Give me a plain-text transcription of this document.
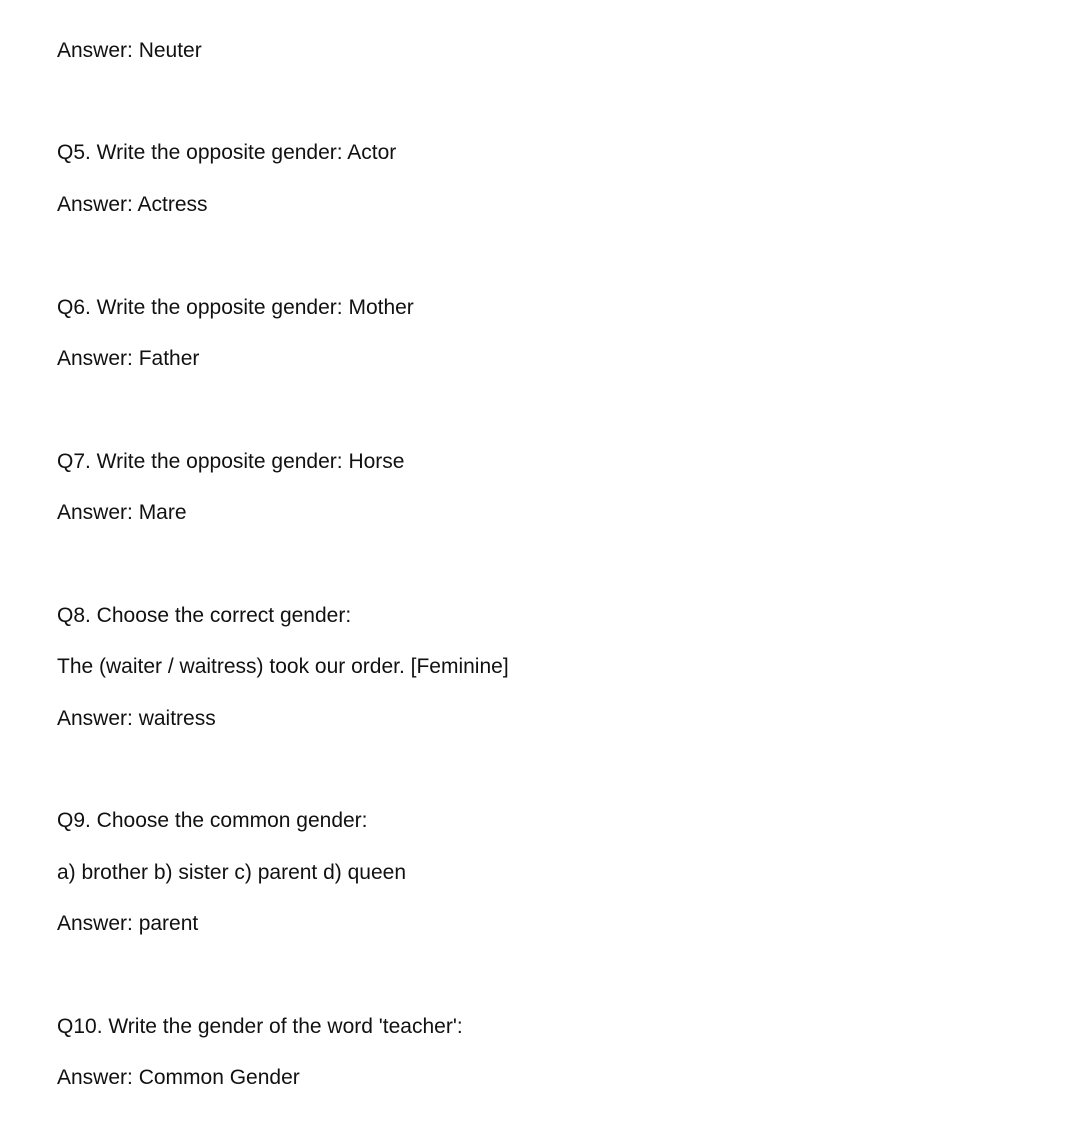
Answer: Neuter
Q5. Write the opposite gender: Actor
Answer: Actress
Q6. Write the opposite gender: Mother
Answer: Father
Q7. Write the opposite gender: Horse
Answer: Mare
Q8. Choose the correct gender:
The (waiter / waitress) took our order. [Feminine]
Answer: waitress
Q9. Choose the common gender:
a) brother b) sister c) parent d) queen
Answer: parent
Q10. Write the gender of the word 'teacher':
Answer: Common Gender
